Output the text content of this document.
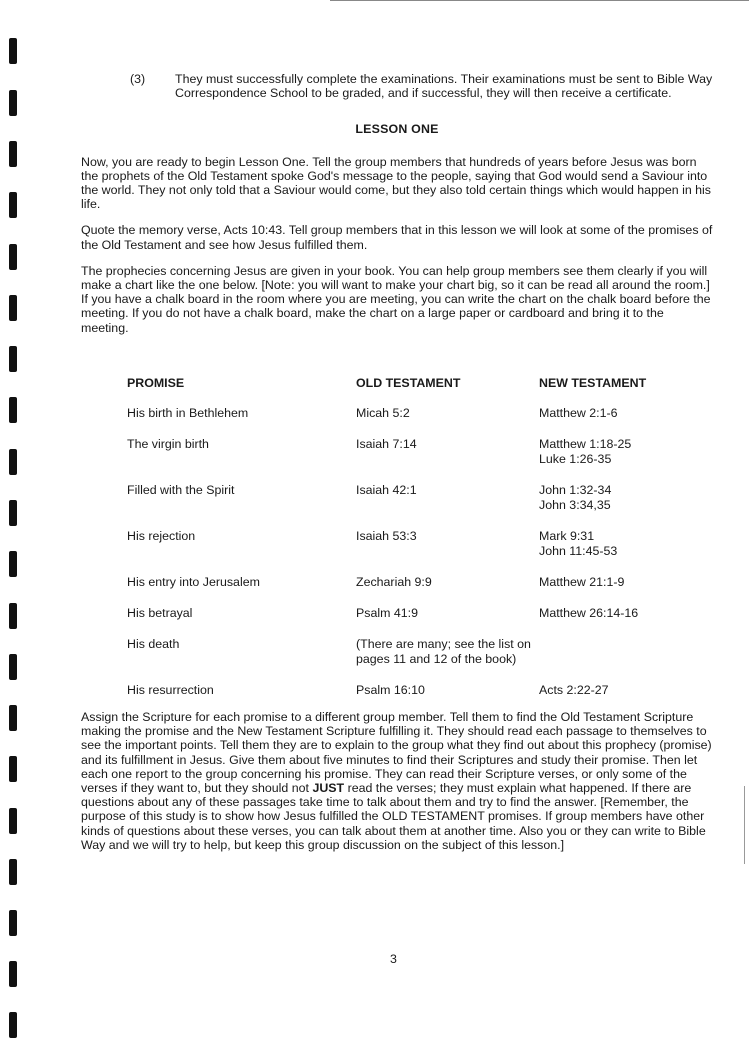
(3) They must successfully complete the examinations. Their examinations must be sent to Bible Way Correspondence School to be graded, and if successful, they will then receive a certificate.
LESSON ONE

Now, you are ready to begin Lesson One. Tell the group members that hundreds of years before Jesus was born the prophets of the Old Testament spoke God's message to the people, saying that God would send a Saviour into the world. They not only told that a Saviour would come, but they also told certain things which would happen in his life.

Quote the memory verse, Acts 10:43. Tell group members that in this lesson we will look at some of the promises of the Old Testament and see how Jesus fulfilled them.

The prophecies concerning Jesus are given in your book. You can help group members see them clearly if you will make a chart like the one below. [Note: you will want to make your chart big, so it can be read all around the room.] If you have a chalk board in the room where you are meeting, you can write the chart on the chalk board before the meeting. If you do not have a chalk board, make the chart on a large paper or cardboard and bring it to the meeting.

PROMISE	OLD TESTAMENT	NEW TESTAMENT
His birth in Bethlehem	Micah 5:2	Matthew 2:1-6

The virgin birth	Isaiah 7:14	Matthew 1:18-25
Luke 1:26-35

Filled with the Spirit	Isaiah 42:1	John 1:32-34
John 3:34,35

His rejection	Isaiah 53:3	Mark 9:31
John 11:45-53

His entry into Jerusalem	Zechariah 9:9	Matthew 21:1-9

His betrayal	Psalm 41:9	Matthew 26:14-16

His death	(There are many; see the list on
pages 11 and 12 of the book)	

His resurrection	Psalm 16:10	Acts 2:22-27
Assign the Scripture for each promise to a different group member. Tell them to find the Old Testament Scripture making the promise and the New Testament Scripture fulfilling it. They should read each passage to themselves to see the important points. Tell them they are to explain to the group what they find out about this prophecy (promise) and its fulfillment in Jesus. Give them about five minutes to find their Scriptures and study their promise. Then let each one report to the group concerning his promise. They can read their Scripture verses, or only some of the verses if they want to, but they should not JUST read the verses; they must explain what happened. If there are questions about any of these passages take time to talk about them and try to find the answer. [Remember, the purpose of this study is to show how Jesus fulfilled the OLD TESTAMENT promises. If group members have other kinds of questions about these verses, you can talk about them at another time. Also you or they can write to Bible Way and we will try to help, but keep this group discussion on the subject of this lesson.]
3
